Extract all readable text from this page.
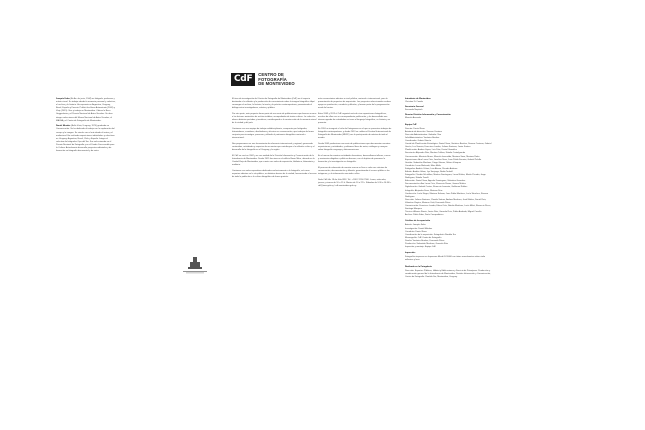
CdF	CENTRO DE
FOTOGRAFÍA
DE MONTEVIDEO

Joaquín Ilelas (Bs.As. de junio, 1944) es fotógrafo, performer y artista visual. Su trabajo aborda la memoria personal y colectiva, el archivo y la historia. Ha expuesto en Argentina, Uruguay, Brasil, España y Francia. Publicó los libros Autorretrato (2009) y Viaje (2015). Vive y trabaja en Montevideo. Obtuvo la Beca Guggenheim y el Premio Nacional de Artes Visuales. Su obra integra colecciones del Museo Nacional de Artes Visuales, el MALBA y el Centro de Fotografía de Montevideo.

Daniel Mendez (Bella Vista, Uruguay, 1970) graduado en Comunicación. Se ha dedicado al trabajo con la exploración del cuerpo y la imagen. Se vincula con el arte desde el teatro y el audiovisual. Ha realizado exposiciones individuales y colectivas en Uruguay, Argentina, Brasil, Chile y España. Integra el colectivo de fotógrafos Ojos del Sur. Fue seleccionado en el Premio Nacional de Fotografía y en el Fondo Concursable para la Cultura. Actualmente desarrolla proyectos editoriales y de formación en fotografía documental y de autor.

El área de investigación del Centro de Fotografía de Montevideo (CdF) es el espacio destinado a la reflexión y la producción de conocimiento sobre la imagen fotográfica. Aquí convergen el archivo, la historia, la teoría y la práctica contemporánea, promoviendo el diálogo entre investigadores, artistas y público.

Por otra parte, este proyecto forma parte de una serie de publicaciones que buscan acercar a los lectores materiales de archivo inéditos, acompañados de textos críticos. La colección abarca distintos períodos y temáticas, contribuyendo a la construcción de la memoria visual de la ciudad y del país.

Contamos con una equipo de trabajo multidisciplinario, compuesto por fotógrafos, historiadores, curadores, diseñadores y técnicos en conservación, que trabajan de forma conjunta para investigar, preservar y difundir el patrimonio fotográfico nacional e internacional.

Nos proponemos ser una herramienta de referencia internacional y regional, generando contenidos, actividades y espacios de encuentro que contribuyan a la reflexión crítica y al desarrollo de la fotografía en el Uruguay y la región.

El CdF se creó en 2002 y es una unidad de la División Información y Comunicación de la Intendencia de Montevideo. Desde 2015 funciona en el edificio Bazar Mitre, ubicado en la Ciudad Vieja de Montevideo, que cuenta con salas de exposición, biblioteca, laboratorio y auditorio.

Contamos con salas expositivas dedicadas exclusivamente a la fotografía, así como espacios abiertos en la vía pública, en distintos barrios de la ciudad, favoreciendo el acceso de toda la población a la cultura fotográfica de forma gratuita.

más convocatorias abiertas a nivel público, nacional e internacional, para la presentación de proyectos de exposición. Los proyectos seleccionados reciben apoyo en producción, curaduría y difusión, y forman parte de la programación anual del centro.

Entre 2003 y 2015 el CdF organizó más de cien exposiciones fotográficas, muchas de ellas con su correspondiente publicación, y ha desarrollado una intensa agenda de actividades en torno al lenguaje fotográfico, su historia y su presente.

En 2016 se inauguró el ciclo de Fotogramas en el que se presentan trabajos de fotografía contemporánea, y desde 2013 se celebra el Festival Internacional de Fotografía de Montevideo (MUFF) con la participación de artistas de todo el mundo.

Desde 2009 producimos una serie de publicaciones que documentan nuestras exposiciones y actividades, y editamos libros de autor, catálogos y ensayos sobre fotografía uruguaya y latinoamericana.

En el marco de nuestras actividades formativas, desarrollamos talleres, cursos y seminarios dirigidos a públicos diversos, con el objetivo de promover la formación y la investigación en fotografía.

El proceso de valoración de nuestro acervo se lleva a cabo con criterios de conservación, documentación y difusión, garantizando el acceso público a las imágenes y a la información asociada a ellas.

Sede CdF: Av. 18 de Julio 885 / Tel.: +598 2 1950 7960. Lunes, miércoles, jueves y viernes de 10 a 19 h. Martes de 10 a 22 h. Sábados de 9:30 a 14:30 h. cdf@imm.gub.uy / cdf.montevideo.gub.uy

Intendente de Montevideo
Christian Di Candia
Secretario General
Fernando Nopitsch
Director División Información y Comunicación
Marcelo Acevedo
Equipo CdF
Director: Daniel Sosa
Asistente de dirección: Susana Centeno
Dirección Administrativa: Gabriela Olsa
Jefa Administrativa: Verónica Benítez
Coordinador: Gabriel García
Comité de Planificación Estratégica: Daniel Sosa, Verónica Benítez, Susana Centeno, Gabriel García, Luz Saravia, Francisco Landro, Juliana Santana, Javier Suárez
Planificación: Andrea López, Luis Díaz, Daniel González
Secretaría: Alejandra Ruiz, Martina Caffaro, Natalia Castelgrande
Conservación: Mauricio Bruno, Marcelo Isarrualde, Mariana Sosa, Mariana Ratto
Exposiciones: Ana Laura Cirio, Josefina Sosa, Juan Pablo Ferreira, Gabriel Peluffo
Gestión: Sebastián Martínez, Diego Gómez, Silvina Vázquez
Curaduría: Laura Malosetti, Maia Mello
Fotógrafos: Andrés Cribari, Luis Alonso, Ricardo Antúnez
Edición: Andrés Urban, Lys Sanjorge, Nadia Tenkeff
Fotografía: Claudia Schiaffino, Martina Domínguez, Laura Núñez, Martín Picardo, Jorge Rodríguez, Natalia Tonelli
Educación: Daniel Sosa, Agustín Dominguez, Valentina Gonzalez
Documentación: Ana Laura Cirio, Florencia Rosas, Jimena Muñoz
Digitalización: Gabriel Castro, Florencia Lemonte, Guillermo Robles
Infografía: Alejandra Sosa, Mariana Díaz
Conducción: Lucía Negro, Mariano Salazar, Juan Pablo Martínez, Lucía Sánchez, Rosana Rodríguez
Dirección: Juliana Santana, Claudia Suárez, Andrea Martínez, José Muñoz, Daniel Ruiz, Valentina Vieytes, Mariana Cotti, Fernanda Pérez
Comunicación: Francisco Landro, Elena Ortiz, Natalia Martínez, Lucía Miloti, Florencia Ricca, Santiago Marquez
Técnica: Alfonso Ramis, Javier Ruiz, Gonzalo Ruiz, Pablo Andrada, Miguel Casalla
Archivo: Pablo Faba, Darío Campodónico
Créditos de la exposición
Autoría: Joaquín Ilelas
Investigación: Daniel Méndez
Curaduría: Daniel Sosa
Coordinación de la exposición: Fotogalería Rambla Sur
Museografía: CdF Centro de Fotografía
Diseño: Verónica Benítez, Fernanda Pérez
Producción: Sebastián Martínez, Gonzalo Ruiz
Impresión y montaje: Equipo CdF
Impresión:

Fotografías impresas en Impresora Mundi SJ 6000 con tintas ecosolventes sobre vinilo adhesivo y lona.

Realizado en la Fotogalería

Dirección: Espacios Públicos, Hábitat y Edificaciones y Servicio de Paisajismo. Producción y coordinación general de la Intendencia de Montevideo, División Información y Comunicación, Centro de Fotografía. Rambla Sur, Montevideo, Uruguay.
